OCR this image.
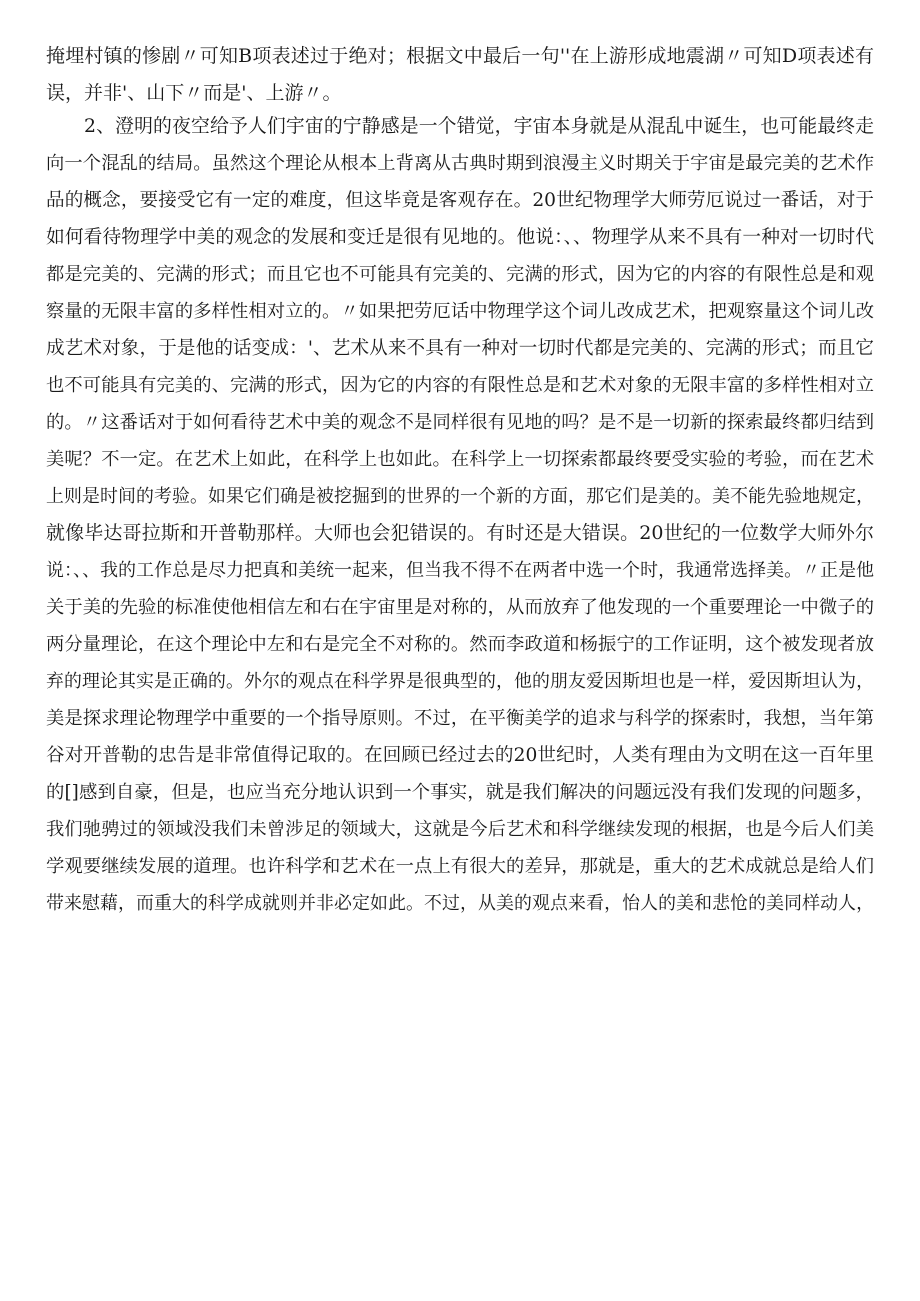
掩埋村镇的惨剧〃可知B项表述过于绝对；根据文中最后一句''在上游形成地震湖〃可知D项表述有
误，并非'、山下〃而是'、上游〃。
2、澄明的夜空给予人们宇宙的宁静感是一个错觉，宇宙本身就是从混乱中诞生，也可能最终走
向一个混乱的结局。虽然这个理论从根本上背离从古典时期到浪漫主义时期关于宇宙是最完美的艺术作
品的概念，要接受它有一定的难度，但这毕竟是客观存在。20世纪物理学大师劳厄说过一番话，对于
如何看待物理学中美的观念的发展和变迁是很有见地的。他说：、、物理学从来不具有一种对一切时代
都是完美的、完满的形式；而且它也不可能具有完美的、完满的形式，因为它的内容的有限性总是和观
察量的无限丰富的多样性相对立的。〃如果把劳厄话中物理学这个词儿改成艺术，把观察量这个词儿改
成艺术对象，于是他的话变成：'、艺术从来不具有一种对一切时代都是完美的、完满的形式；而且它
也不可能具有完美的、完满的形式，因为它的内容的有限性总是和艺术对象的无限丰富的多样性相对立
的。〃这番话对于如何看待艺术中美的观念不是同样很有见地的吗？是不是一切新的探索最终都归结到
美呢？不一定。在艺术上如此，在科学上也如此。在科学上一切探索都最终要受实验的考验，而在艺术
上则是时间的考验。如果它们确是被挖掘到的世界的一个新的方面，那它们是美的。美不能先验地规定，
就像毕达哥拉斯和开普勒那样。大师也会犯错误的。有时还是大错误。20世纪的一位数学大师外尔
说：、、我的工作总是尽力把真和美统一起来，但当我不得不在两者中选一个时，我通常选择美。〃正是他
关于美的先验的标准使他相信左和右在宇宙里是对称的，从而放弃了他发现的一个重要理论一中微子的
两分量理论，在这个理论中左和右是完全不对称的。然而李政道和杨振宁的工作证明，这个被发现者放
弃的理论其实是正确的。外尔的观点在科学界是很典型的，他的朋友爱因斯坦也是一样，爱因斯坦认为，
美是探求理论物理学中重要的一个指导原则。不过，在平衡美学的追求与科学的探索时，我想，当年第
谷对开普勒的忠告是非常值得记取的。在回顾已经过去的20世纪时，人类有理由为文明在这一百年里
的[]感到自豪，但是，也应当充分地认识到一个事实，就是我们解决的问题远没有我们发现的问题多，
我们驰骋过的领域没我们未曾涉足的领域大，这就是今后艺术和科学继续发现的根据，也是今后人们美
学观要继续发展的道理。也许科学和艺术在一点上有很大的差异，那就是，重大的艺术成就总是给人们
带来慰藉，而重大的科学成就则并非必定如此。不过，从美的观点来看，怡人的美和悲怆的美同样动人，
